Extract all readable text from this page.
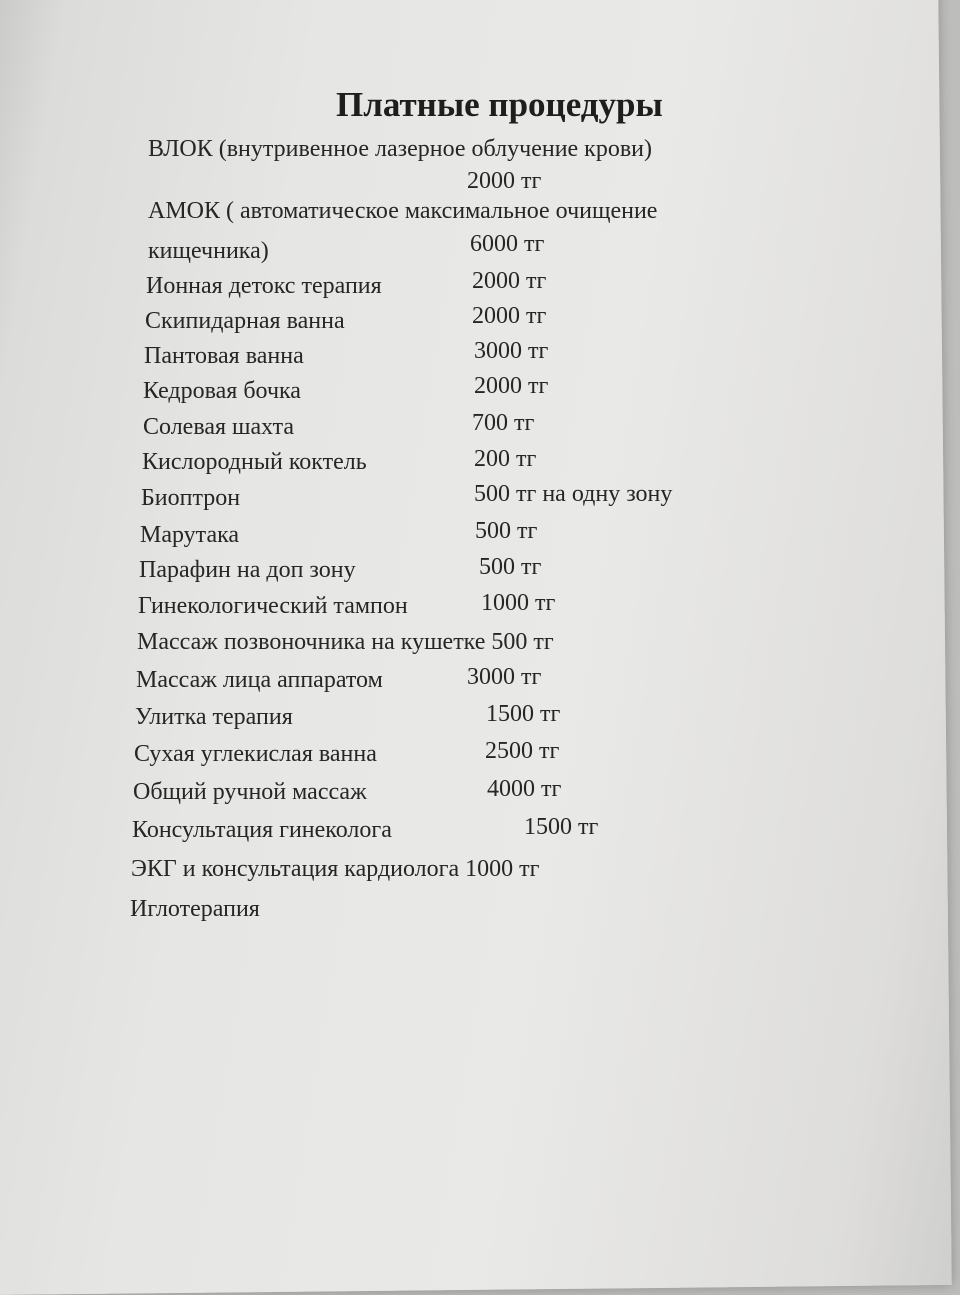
Платные процедуры
ВЛОК (внутривенное лазерное облучение крови)
2000 тг
АМОК ( автоматическое максимальное очищение
кищечника)	6000 тг
Ионная детокс терапия	2000 тг
Скипидарная ванна	2000 тг
Пантовая ванна	3000 тг
Кедровая бочка	2000 тг
Солевая шахта	700 тг
Кислородный коктель	200 тг
Биоптрон	500 тг на одну зону
Марутака	500 тг
Парафин на доп зону	500 тг
Гинекологический тампон	1000 тг
Массаж позвоночника на кушетке 500 тг
Массаж лица аппаратом	3000 тг
Улитка терапия	1500 тг
Сухая углекислая ванна	2500 тг
Общий ручной массаж	4000 тг
Консультация гинеколога	1500 тг
ЭКГ и консультация кардиолога 1000 тг
Иглотерапия
